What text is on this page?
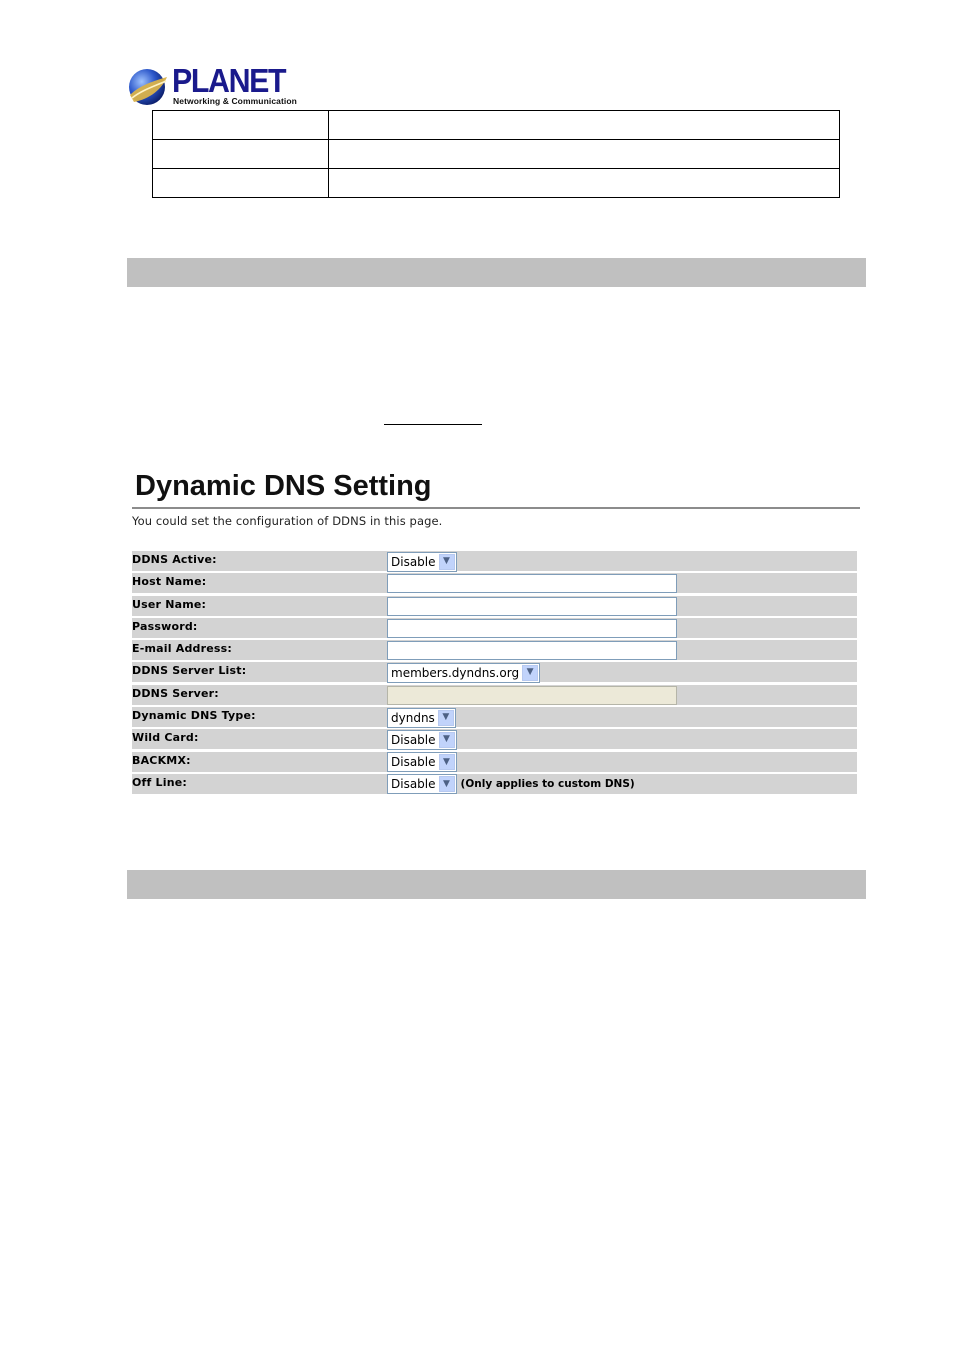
PLANET
Networking & Communication

Dynamic DNS Setting
You could set the configuration of DDNS in this page.
DDNS Active:	Disable ▼
Host Name:
User Name:
Password:
E-mail Address:
DDNS Server List:	members.dyndns.org ▼
DDNS Server:
Dynamic DNS Type:	dyndns ▼
Wild Card:	Disable ▼
BACKMX:	Disable ▼
Off Line:	Disable ▼	(Only applies to custom DNS)
